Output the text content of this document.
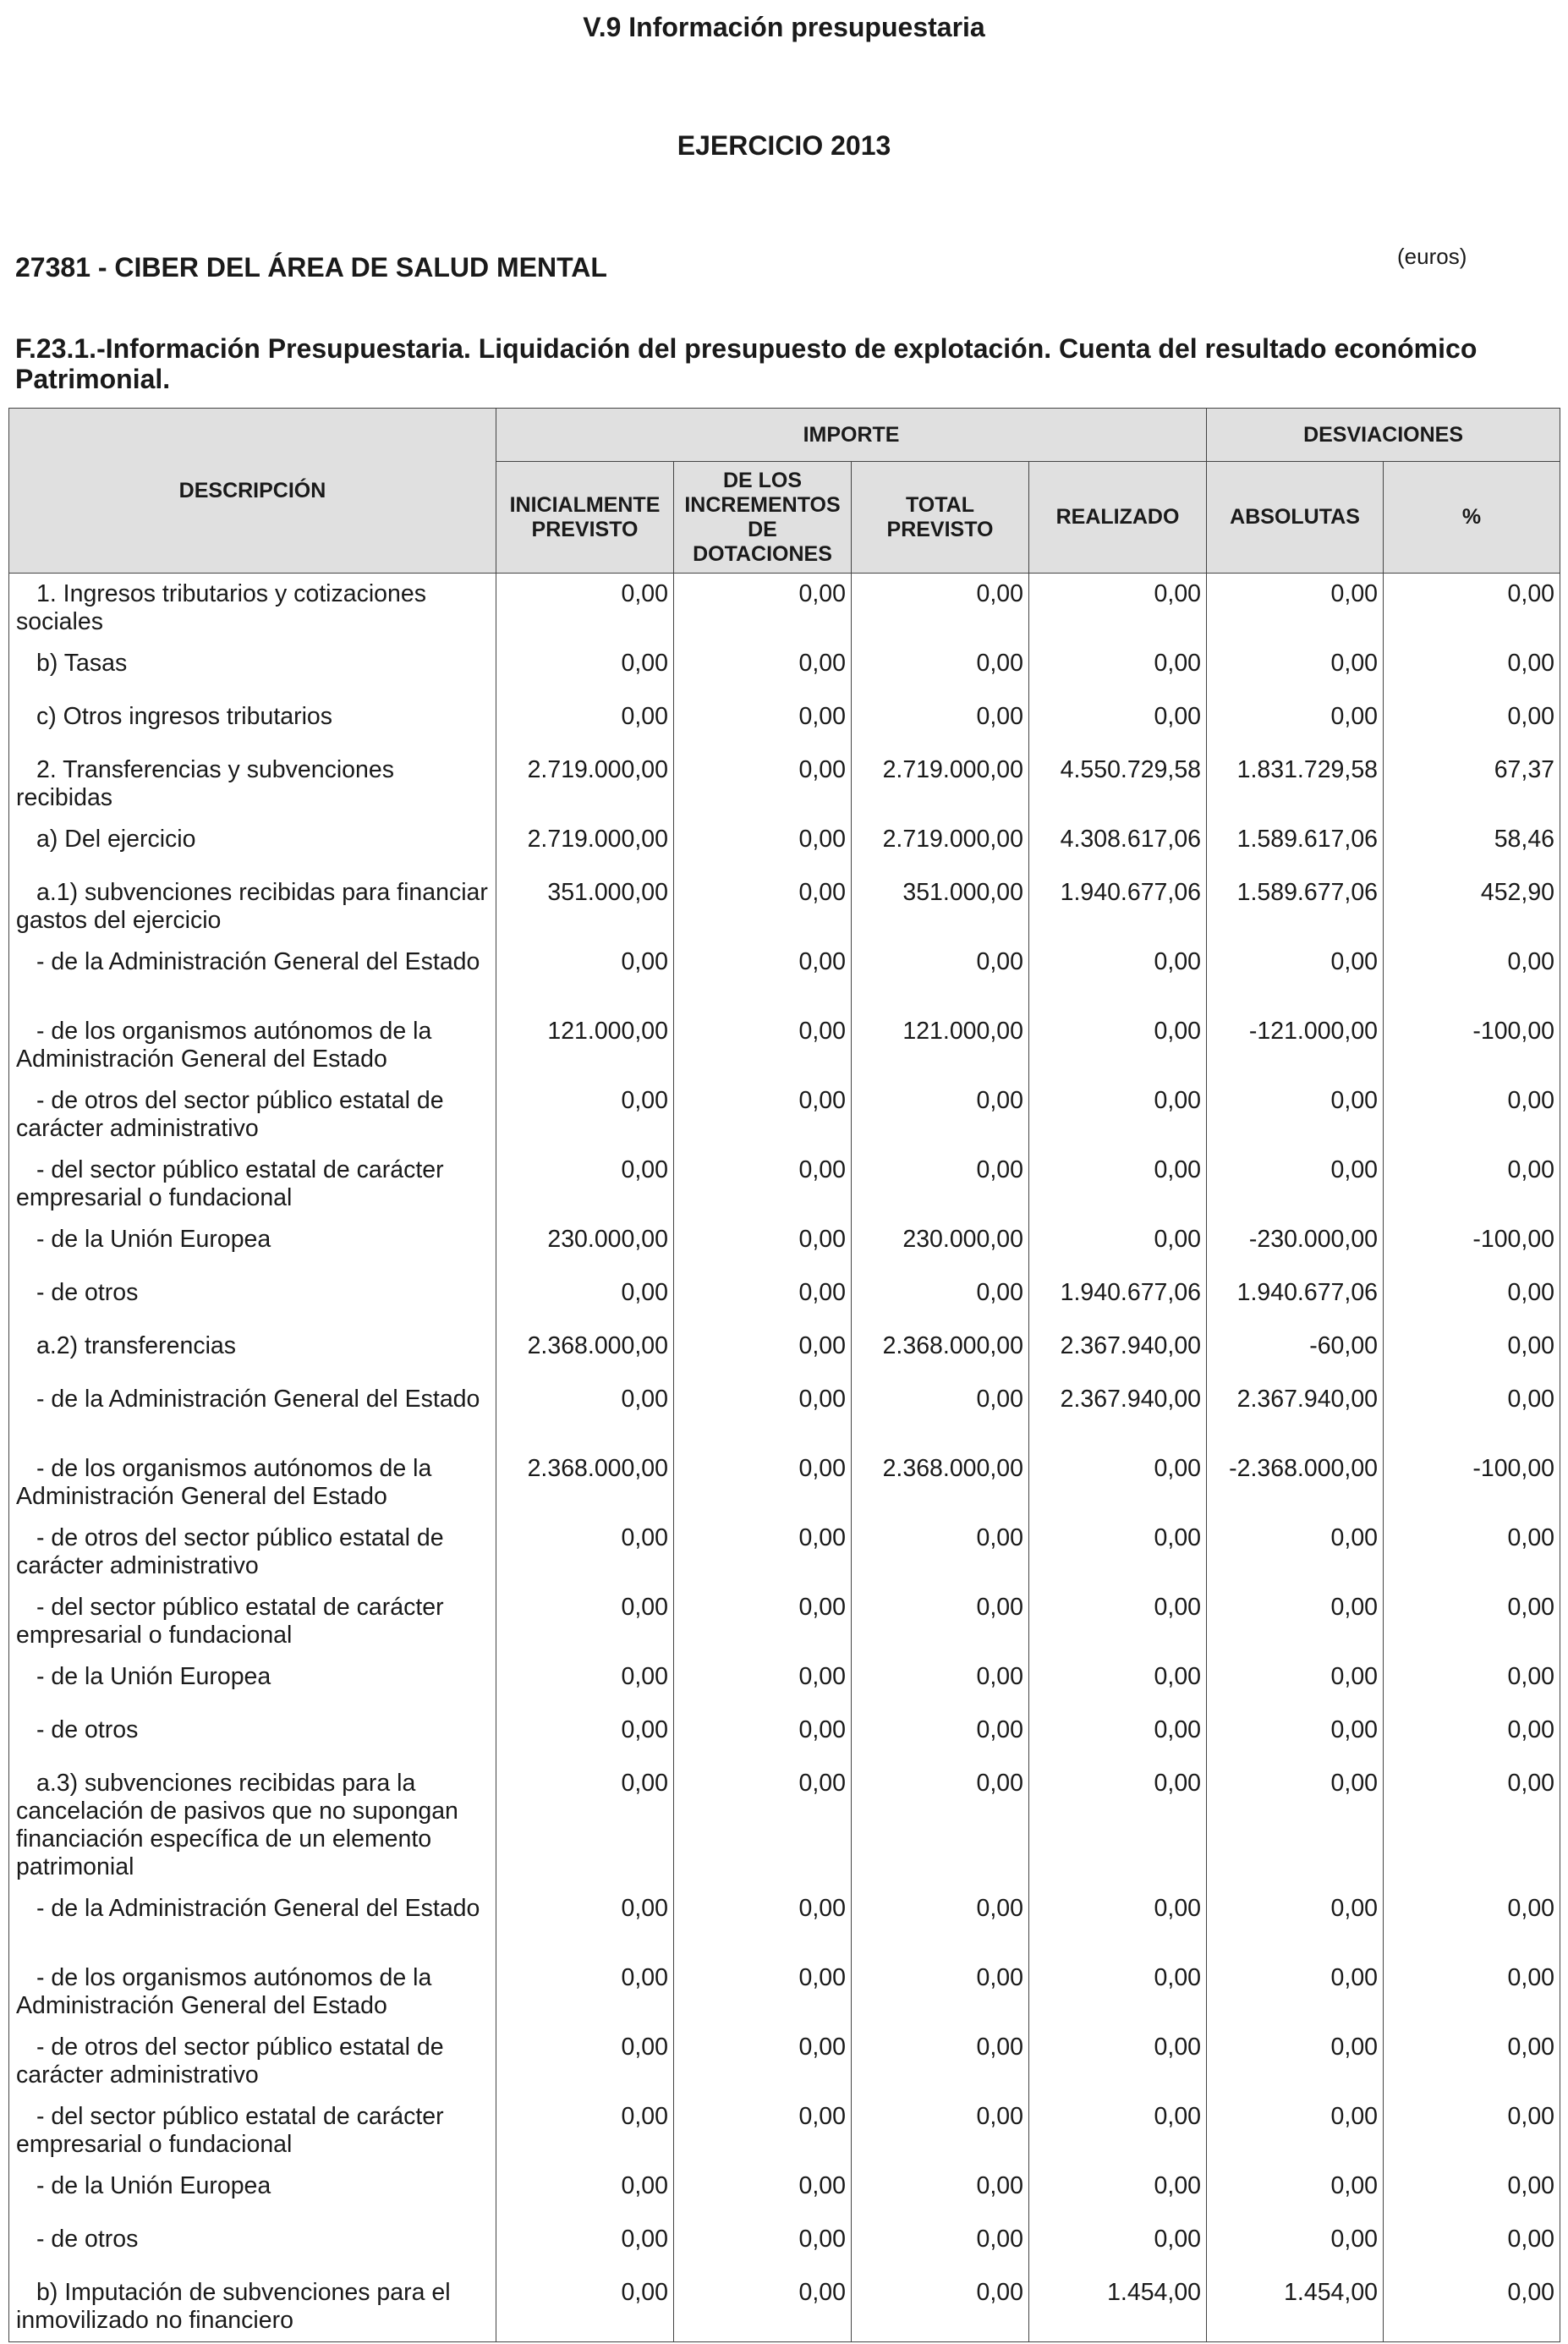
V.9 Información presupuestaria
EJERCICIO 2013
27381 - CIBER DEL ÁREA DE SALUD MENTAL	(euros)
F.23.1.-Información Presupuestaria. Liquidación del presupuesto de explotación. Cuenta del resultado económico Patrimonial.
DESCRIPCIÓN	IMPORTE				DESVIACIONES	
	INICIALMENTE PREVISTO	DE LOS INCREMENTOS DE DOTACIONES	TOTAL PREVISTO	REALIZADO	ABSOLUTAS	%
1. Ingresos tributarios y cotizaciones sociales	0,00	0,00	0,00	0,00	0,00	0,00
b) Tasas	0,00	0,00	0,00	0,00	0,00	0,00
c) Otros ingresos tributarios	0,00	0,00	0,00	0,00	0,00	0,00
2. Transferencias y subvenciones recibidas	2.719.000,00	0,00	2.719.000,00	4.550.729,58	1.831.729,58	67,37
a) Del ejercicio	2.719.000,00	0,00	2.719.000,00	4.308.617,06	1.589.617,06	58,46
a.1) subvenciones recibidas para financiar gastos del ejercicio	351.000,00	0,00	351.000,00	1.940.677,06	1.589.677,06	452,90
- de la Administración General del Estado	0,00	0,00	0,00	0,00	0,00	0,00
- de los organismos autónomos de la Administración General del Estado	121.000,00	0,00	121.000,00	0,00	-121.000,00	-100,00
- de otros del sector público estatal de carácter administrativo	0,00	0,00	0,00	0,00	0,00	0,00
- del sector público estatal de carácter empresarial o fundacional	0,00	0,00	0,00	0,00	0,00	0,00
- de la Unión Europea	230.000,00	0,00	230.000,00	0,00	-230.000,00	-100,00
- de otros	0,00	0,00	0,00	1.940.677,06	1.940.677,06	0,00
a.2) transferencias	2.368.000,00	0,00	2.368.000,00	2.367.940,00	-60,00	0,00
- de la Administración General del Estado	0,00	0,00	0,00	2.367.940,00	2.367.940,00	0,00
- de los organismos autónomos de la Administración General del Estado	2.368.000,00	0,00	2.368.000,00	0,00	-2.368.000,00	-100,00
- de otros del sector público estatal de carácter administrativo	0,00	0,00	0,00	0,00	0,00	0,00
- del sector público estatal de carácter empresarial o fundacional	0,00	0,00	0,00	0,00	0,00	0,00
- de la Unión Europea	0,00	0,00	0,00	0,00	0,00	0,00
- de otros	0,00	0,00	0,00	0,00	0,00	0,00
a.3) subvenciones recibidas para la cancelación de pasivos que no supongan financiación específica de un elemento patrimonial	0,00	0,00	0,00	0,00	0,00	0,00
- de la Administración General del Estado	0,00	0,00	0,00	0,00	0,00	0,00
- de los organismos autónomos de la Administración General del Estado	0,00	0,00	0,00	0,00	0,00	0,00
- de otros del sector público estatal de carácter administrativo	0,00	0,00	0,00	0,00	0,00	0,00
- del sector público estatal de carácter empresarial o fundacional	0,00	0,00	0,00	0,00	0,00	0,00
- de la Unión Europea	0,00	0,00	0,00	0,00	0,00	0,00
- de otros	0,00	0,00	0,00	0,00	0,00	0,00
b) Imputación de subvenciones para el inmovilizado no financiero	0,00	0,00	0,00	1.454,00	1.454,00	0,00
